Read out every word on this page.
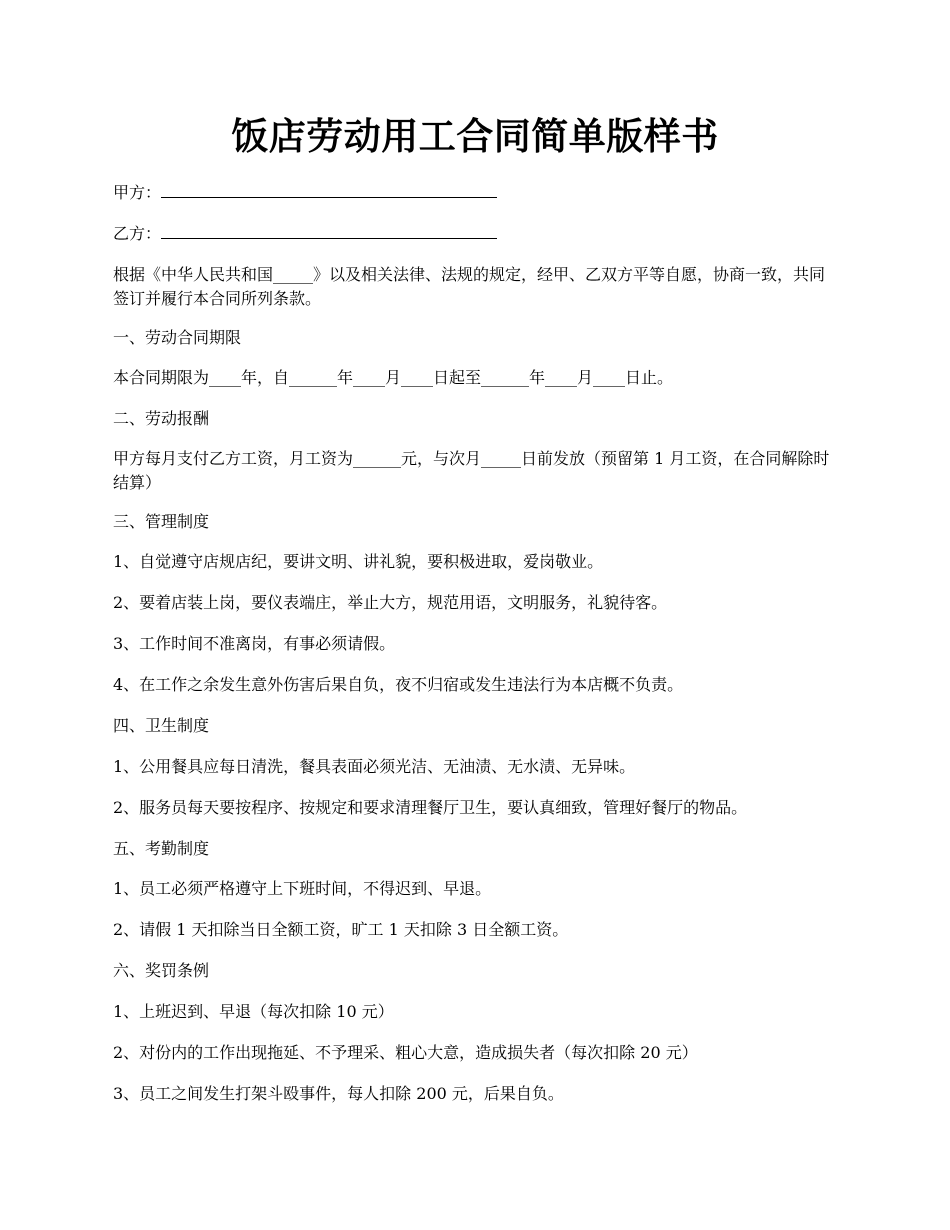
饭店劳动用工合同简单版样书
甲方：
乙方：
根据《中华人民共和国_____》以及相关法律、法规的规定，经甲、乙双方平等自愿，协商一致，共同签订并履行本合同所列条款。
一、劳动合同期限
本合同期限为____年，自______年____月____日起至______年____月____日止。
二、劳动报酬
甲方每月支付乙方工资，月工资为______元，与次月_____日前发放（预留第 1 月工资，在合同解除时结算）
三、管理制度
1、自觉遵守店规店纪，要讲文明、讲礼貌，要积极进取，爱岗敬业。
2、要着店装上岗，要仪表端庄，举止大方，规范用语，文明服务，礼貌待客。
3、工作时间不准离岗，有事必须请假。
4、在工作之余发生意外伤害后果自负，夜不归宿或发生违法行为本店概不负责。
四、卫生制度
1、公用餐具应每日清洗，餐具表面必须光洁、无油渍、无水渍、无异味。
2、服务员每天要按程序、按规定和要求清理餐厅卫生，要认真细致，管理好餐厅的物品。
五、考勤制度
1、员工必须严格遵守上下班时间，不得迟到、早退。
2、请假 1 天扣除当日全额工资，旷工 1 天扣除 3 日全额工资。
六、奖罚条例
1、上班迟到、早退（每次扣除 10 元）
2、对份内的工作出现拖延、不予理采、粗心大意，造成损失者（每次扣除 20 元）
3、员工之间发生打架斗殴事件，每人扣除 200 元，后果自负。
